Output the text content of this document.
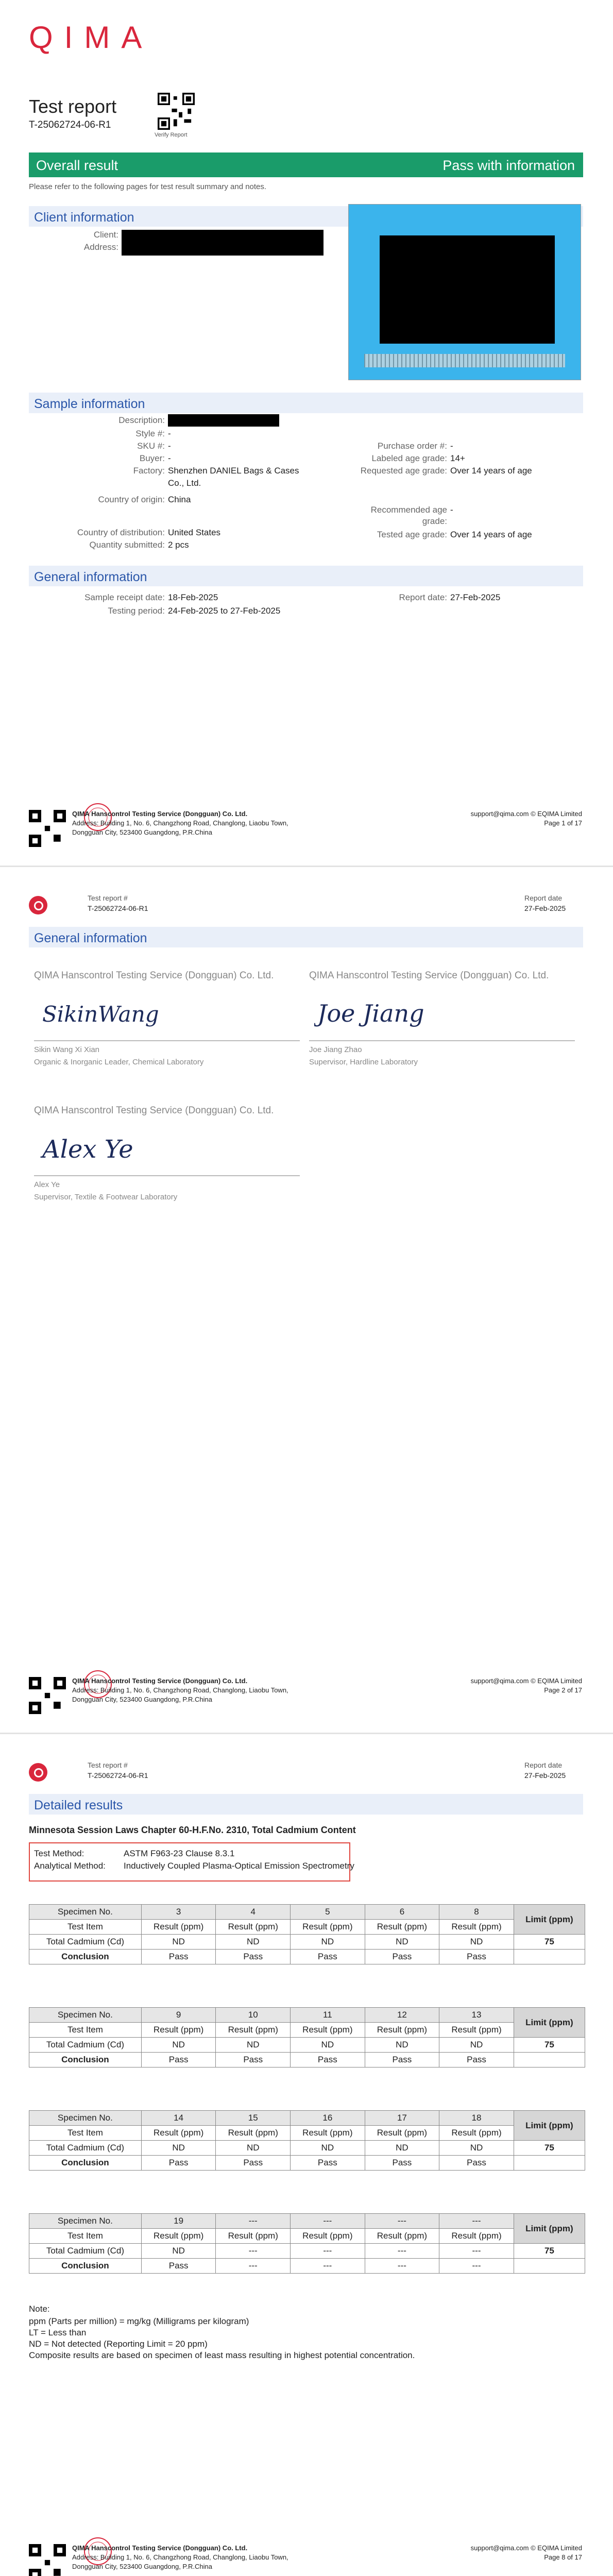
QIMA
Test report
T-25062724-06-R1
Verify Report
Overall result	Pass with information
Please refer to the following pages for test result summary and notes.
Client information
Client:
Address:
Sample information
Description:
Style #: -
SKU #: -
Buyer: -
Factory: Shenzhen DANIEL Bags & Cases
Co., Ltd.
Country of origin: China
Country of distribution: United States
Quantity submitted: 2 pcs
Purchase order #: -
Labeled age grade: 14+
Requested age grade: Over 14 years of age
Recommended age -
grade:
Tested age grade: Over 14 years of age
General information
Sample receipt date: 18-Feb-2025
Testing period: 24-Feb-2025 to 27-Feb-2025
Report date: 27-Feb-2025
QIMA Hanscontrol Testing Service (Dongguan) Co. Ltd.
Address: Building 1, No. 6, Changzhong Road, Changlong, Liaobu Town,
Dongguan City, 523400 Guangdong, P.R.China
support@qima.com © EQIMA Limited
Page 1 of 17
Test report #
T-25062724-06-R1
Report date
27-Feb-2025
General information
QIMA Hanscontrol Testing Service (Dongguan) Co. Ltd.
SikinWang
Sikin Wang Xi Xian
Organic & Inorganic Leader, Chemical Laboratory
QIMA Hanscontrol Testing Service (Dongguan) Co. Ltd.
Joe Jiang
Joe Jiang Zhao
Supervisor, Hardline Laboratory
QIMA Hanscontrol Testing Service (Dongguan) Co. Ltd.
Alex Ye
Alex Ye
Supervisor, Textile & Footwear Laboratory
QIMA Hanscontrol Testing Service (Dongguan) Co. Ltd.
Address: Building 1, No. 6, Changzhong Road, Changlong, Liaobu Town,
Dongguan City, 523400 Guangdong, P.R.China
support@qima.com © EQIMA Limited
Page 2 of 17
Test report #
T-25062724-06-R1
Report date
27-Feb-2025
Detailed results
Minnesota Session Laws Chapter 60-H.F.No. 2310, Total Cadmium Content
Test Method:	ASTM F963-23 Clause 8.3.1
Analytical Method: Inductively Coupled Plasma-Optical Emission Spectrometry
Specimen No.	3	4	5	6	8	Limit (ppm)
Test Item	Result (ppm)	Result (ppm)	Result (ppm)	Result (ppm)	Result (ppm)	
Total Cadmium (Cd)	ND	ND	ND	ND	ND	75
Conclusion	Pass	Pass	Pass	Pass	Pass	
Specimen No.	9	10	11	12	13	Limit (ppm)
Test Item	Result (ppm)	Result (ppm)	Result (ppm)	Result (ppm)	Result (ppm)	
Total Cadmium (Cd)	ND	ND	ND	ND	ND	75
Conclusion	Pass	Pass	Pass	Pass	Pass	
Specimen No.	14	15	16	17	18	Limit (ppm)
Test Item	Result (ppm)	Result (ppm)	Result (ppm)	Result (ppm)	Result (ppm)	
Total Cadmium (Cd)	ND	ND	ND	ND	ND	75
Conclusion	Pass	Pass	Pass	Pass	Pass	
Specimen No.	19	---	---	---	---	Limit (ppm)
Test Item	Result (ppm)	Result (ppm)	Result (ppm)	Result (ppm)	Result (ppm)	
Total Cadmium (Cd)	ND	---	---	---	---	75
Conclusion	Pass	---	---	---	---	
Note:
ppm (Parts per million) = mg/kg (Milligrams per kilogram)
LT = Less than
ND = Not detected (Reporting Limit = 20 ppm)
Composite results are based on specimen of least mass resulting in highest potential concentration.
QIMA Hanscontrol Testing Service (Dongguan) Co. Ltd.
Address: Building 1, No. 6, Changzhong Road, Changlong, Liaobu Town,
Dongguan City, 523400 Guangdong, P.R.China
support@qima.com © EQIMA Limited
Page 8 of 17
